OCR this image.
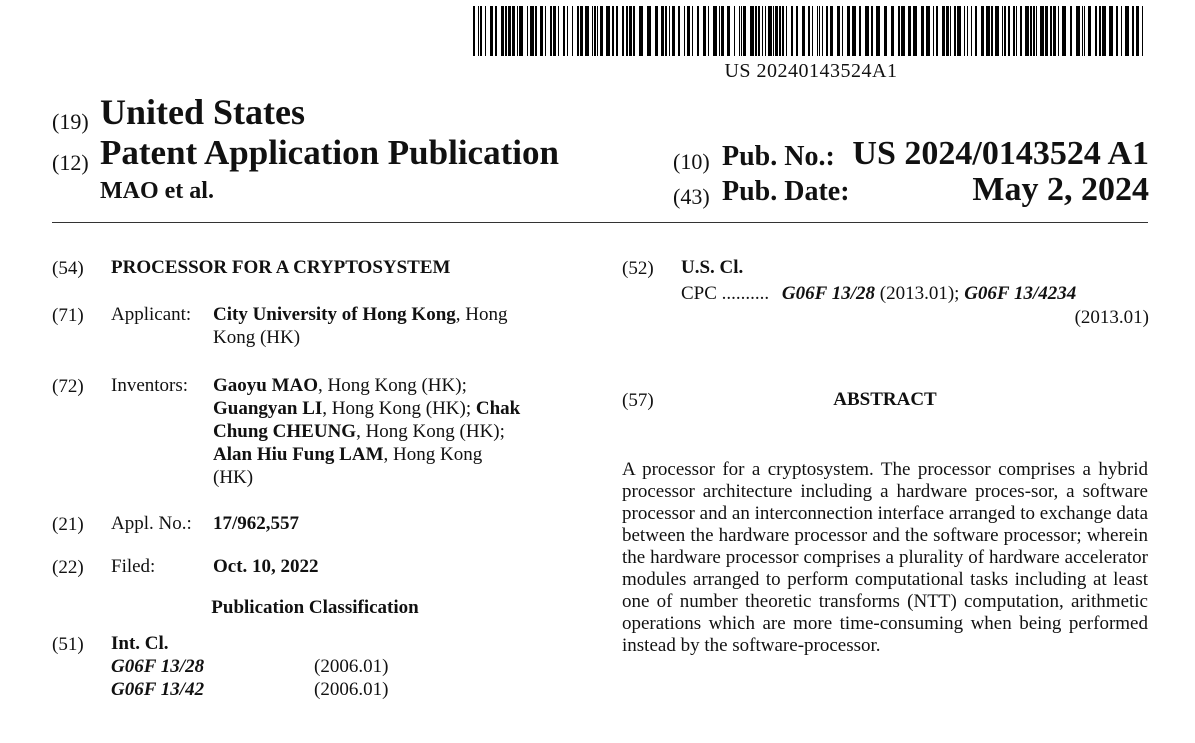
US 20240143524A1
(19) United States
(12) Patent Application Publication
MAO et al.
(10) Pub. No.: US 2024/0143524 A1
(43) Pub. Date:	May 2, 2024
(54) PROCESSOR FOR A CRYPTOSYSTEM
(71) Applicant: City University of Hong Kong, Hong
Kong (HK)
(72) Inventors: Gaoyu MAO, Hong Kong (HK);
Guangyan LI, Hong Kong (HK); Chak
Chung CHEUNG, Hong Kong (HK);
Alan Hiu Fung LAM, Hong Kong
(HK)
(21) Appl. No.: 17/962,557
(22) Filed:	Oct. 10, 2022
Publication Classification
(51) Int. Cl.
G06F 13/28	(2006.01)
G06F 13/42	(2006.01)
(52) U.S. Cl.
CPC .......... G06F 13/28 (2013.01); G06F 13/4234
(2013.01)
(57)	ABSTRACT
A processor for a cryptosystem. The processor comprises a hybrid processor architecture including a hardware proces-sor, a software processor and an interconnection interface arranged to exchange data between the hardware processor and the software processor; wherein the hardware processor comprises a plurality of hardware accelerator modules arranged to perform computational tasks including at least one of number theoretic transforms (NTT) computation, arithmetic operations which are more time-consuming when being performed instead by the software-processor.
